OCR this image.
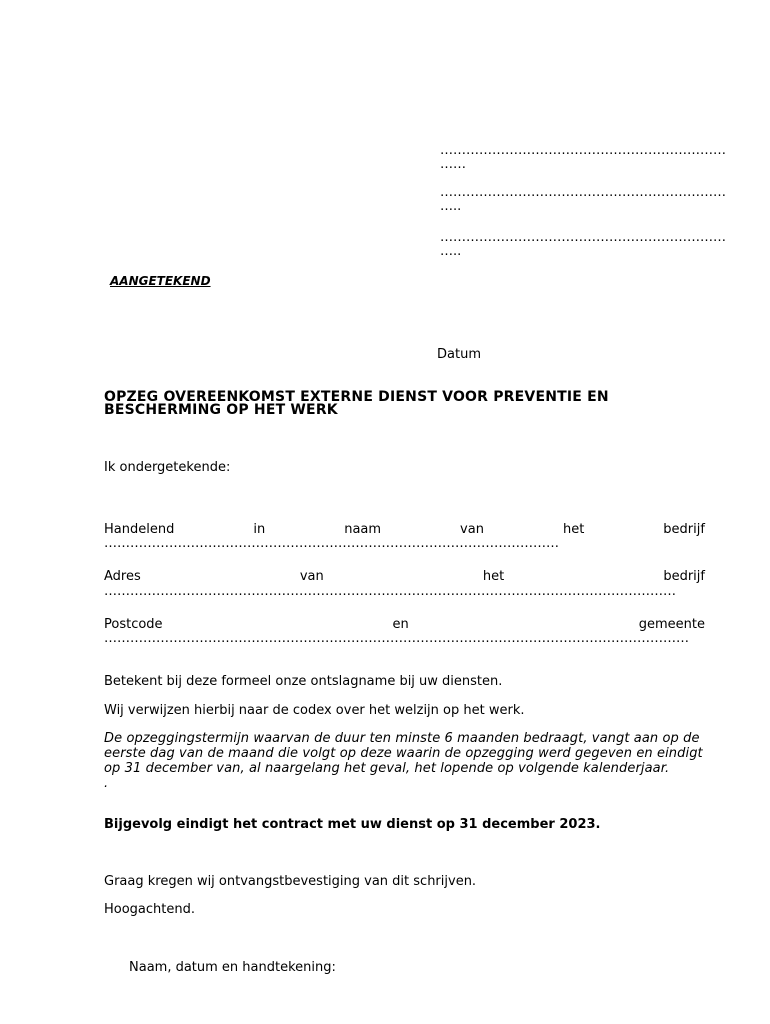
…………………………………………………………
……
…………………………………………………………
…..
…………………………………………………………
…..
AANGETEKEND
Datum
OPZEG OVEREENKOMST EXTERNE DIENST VOOR PREVENTIE EN
BESCHERMING OP HET WERK
Ik ondergetekende:
Handelend	in	naam	van	het	bedrijf
……………………………………………………………………………………………
Adres	van	het	bedrijf
……………………………………………………………………………………………………………………
Postcode	en	gemeente
………………………………………………………………………………………………………………………
Betekent bij deze formeel onze ontslagname bij uw diensten.
Wij verwijzen hierbij naar de codex over het welzijn op het werk.
De opzeggingstermijn waarvan de duur ten minste 6 maanden bedraagt, vangt aan op de
eerste dag van de maand die volgt op deze waarin de opzegging werd gegeven en eindigt
op 31 december van, al naargelang het geval, het lopende op volgende kalenderjaar.
.
Bijgevolg eindigt het contract met uw dienst op 31 december 2023.
Graag kregen wij ontvangstbevestiging van dit schrijven.
Hoogachtend.
Naam, datum en handtekening:
